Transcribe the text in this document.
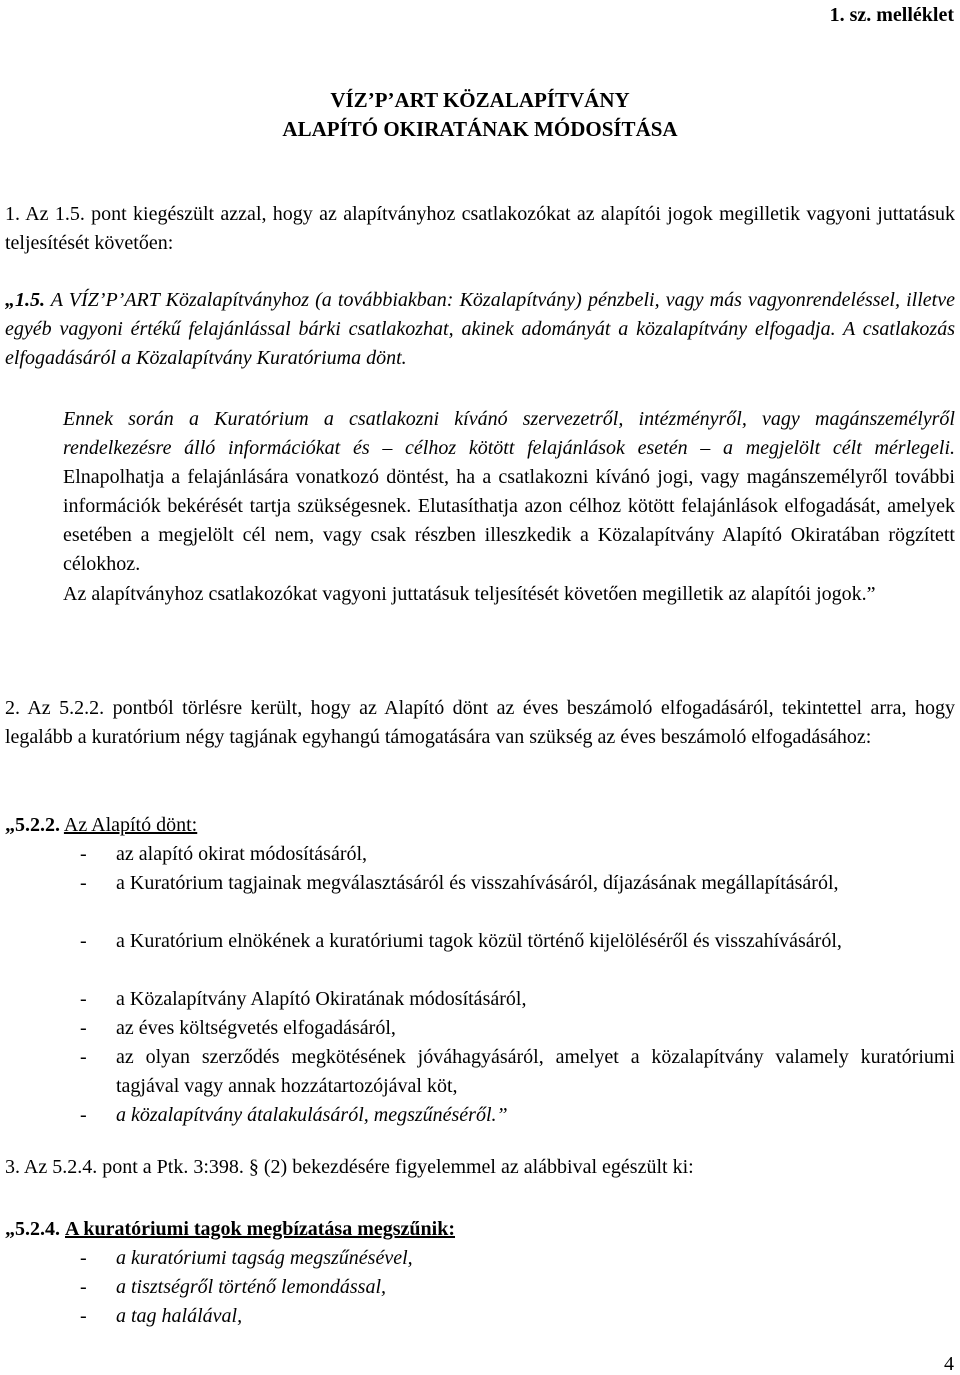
1. sz. melléklet
VÍZ’P’ART KÖZALAPÍTVÁNY
ALAPÍTÓ OKIRATÁNAK MÓDOSÍTÁSA

1. Az 1.5. pont kiegészült azzal, hogy az alapítványhoz csatlakozókat az alapítói jogok megilletik vagyoni juttatásuk teljesítését követően:

„1.5. A VÍZ’P’ART Közalapítványhoz (a továbbiakban: Közalapítvány) pénzbeli, vagy más vagyonrendeléssel, illetve egyéb vagyoni értékű felajánlással bárki csatlakozhat, akinek adományát a közalapítvány elfogadja. A csatlakozás elfogadásáról a Közalapítvány Kuratóriuma dönt.

Ennek során a Kuratórium a csatlakozni kívánó szervezetről, intézményről, vagy magánszemélyről rendelkezésre álló információkat és – célhoz kötött felajánlások esetén – a megjelölt célt mérlegeli. Elnapolhatja a felajánlására vonatkozó döntést, ha a csatlakozni kívánó jogi, vagy magánszemélyről további információk bekérését tartja szükségesnek. Elutasíthatja azon célhoz kötött felajánlások elfogadását, amelyek esetében a megjelölt cél nem, vagy csak részben illeszkedik a Közalapítvány Alapító Okiratában rögzített célokhoz.

Az alapítványhoz csatlakozókat vagyoni juttatásuk teljesítését követően megilletik az alapítói jogok.”

2. Az 5.2.2. pontból törlésre került, hogy az Alapító dönt az éves beszámoló elfogadásáról, tekintettel arra, hogy legalább a kuratórium négy tagjának egyhangú támogatására van szükség az éves beszámoló elfogadásához:

„5.2.2. Az Alapító dönt:
- az alapító okirat módosításáról,
- a Kuratórium tagjainak megválasztásáról és visszahívásáról, díjazásának megállapításáról,
- a Kuratórium elnökének a kuratóriumi tagok közül történő kijelöléséről és visszahívásáról,
- a Közalapítvány Alapító Okiratának módosításáról,
- az éves költségvetés elfogadásáról,
- az olyan szerződés megkötésének jóváhagyásáról, amelyet a közalapítvány valamely kuratóriumi tagjával vagy annak hozzátartozójával köt,
- a közalapítvány átalakulásáról, megszűnéséről.”

3. Az 5.2.4. pont a Ptk. 3:398. § (2) bekezdésére figyelemmel az alábbival egészült ki:

„5.2.4. A kuratóriumi tagok megbízatása megszűnik:
- a kuratóriumi tagság megszűnésével,
- a tisztségről történő lemondással,
- a tag halálával,
4
